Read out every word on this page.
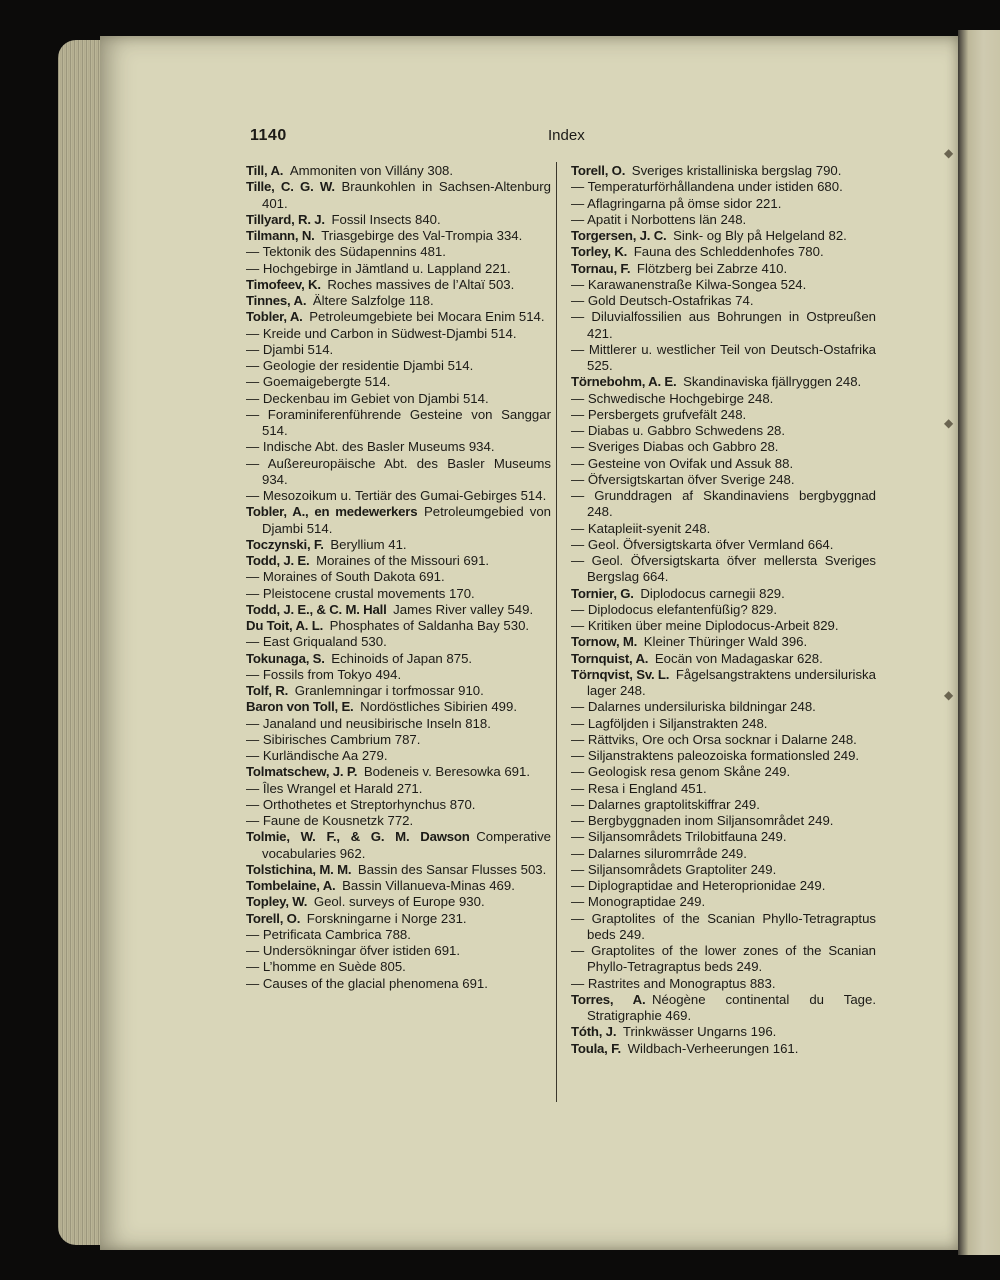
◆
◆
◆
1140	Index
Till, A.  Ammoniten von Villány 308.
Tille, C. G. W.  Braunkohlen in Sachsen-Altenburg 401.
Tillyard, R. J.  Fossil Insects 840.
Tilmann, N.  Triasgebirge des Val-Trompia 334.
— Tektonik des Südapennins 481.
— Hochgebirge in Jämtland u. Lappland 221.
Timofeev, K.  Roches massives de l’Altaï 503.
Tinnes, A.  Ältere Salzfolge 118.
Tobler, A.  Petroleumgebiete bei Mocara Enim 514.
— Kreide und Carbon in Südwest-Djambi 514.
— Djambi 514.
— Geologie der residentie Djambi 514.
— Goemaigebergte 514.
— Deckenbau im Gebiet von Djambi 514.
— Foraminiferenführende Gesteine von Sanggar 514.
— Indische Abt. des Basler Museums 934.
— Außereuropäische Abt. des Basler Museums 934.
— Mesozoikum u. Tertiär des Gumai-Gebirges 514.
Tobler, A., en medewerkers  Petroleumgebied von Djambi 514.
Toczynski, F.  Beryllium 41.
Todd, J. E.  Moraines of the Missouri 691.
— Moraines of South Dakota 691.
— Pleistocene crustal movements 170.
Todd, J. E., & C. M. Hall  James River valley 549.
Du Toit, A. L.  Phosphates of Saldanha Bay 530.
— East Griqualand 530.
Tokunaga, S.  Echinoids of Japan 875.
— Fossils from Tokyo 494.
Tolf, R.  Granlemningar i torfmossar 910.
Baron von Toll, E.  Nordöstliches Sibirien 499.
— Janaland und neusibirische Inseln 818.
— Sibirisches Cambrium 787.
— Kurländische Aa 279.
Tolmatschew, J. P.  Bodeneis v. Beresowka 691.
— Îles Wrangel et Harald 271.
— Orthothetes et Streptorhynchus 870.
— Faune de Kousnetzk 772.
Tolmie, W. F., & G. M. Dawson  Comperative vocabularies 962.
Tolstichina, M. M.  Bassin des Sansar Flusses 503.
Tombelaine, A.  Bassin Villanueva-Minas 469.
Topley, W.  Geol. surveys of Europe 930.
Torell, O.  Forskningarne i Norge 231.
— Petrificata Cambrica 788.
— Undersökningar öfver istiden 691.
— L’homme en Suède 805.
— Causes of the glacial phenomena 691.
Torell, O.  Sveriges kristalliniska bergslag 790.
— Temperaturförhållandena under istiden 680.
— Aflagringarna på ömse sidor 221.
— Apatit i Norbottens län 248.
Torgersen, J. C.  Sink- og Bly på Helgeland 82.
Torley, K.  Fauna des Schleddenhofes 780.
Tornau, F.  Flötzberg bei Zabrze 410.
— Karawanenstraße Kilwa-Songea 524.
— Gold Deutsch-Ostafrikas 74.
— Diluvialfossilien aus Bohrungen in Ostpreußen 421.
— Mittlerer u. westlicher Teil von Deutsch-Ostafrika 525.
Törnebohm, A. E.  Skandinaviska fjällryggen 248.
— Schwedische Hochgebirge 248.
— Persbergets grufvefält 248.
— Diabas u. Gabbro Schwedens 28.
— Sveriges Diabas och Gabbro 28.
— Gesteine von Ovifak und Assuk 88.
— Öfversigtskartan öfver Sverige 248.
— Grunddragen af Skandinaviens bergbyggnad 248.
— Katapleiit-syenit 248.
— Geol. Öfversigtskarta öfver Vermland 664.
— Geol. Öfversigtskarta öfver mellersta Sveriges Bergslag 664.
Tornier, G.  Diplodocus carnegii 829.
— Diplodocus elefantenfüßig? 829.
— Kritiken über meine Diplodocus-Arbeit 829.
Tornow, M.  Kleiner Thüringer Wald 396.
Tornquist, A.  Eocän von Madagaskar 628.
Törnqvist, Sv. L.  Fågelsangstraktens undersiluriska lager 248.
— Dalarnes undersiluriska bildningar 248.
— Lagföljden i Siljanstrakten 248.
— Rättviks, Ore och Orsa socknar i Dalarne 248.
— Siljanstraktens paleozoiska formationsled 249.
— Geologisk resa genom Skåne 249.
— Resa i England 451.
— Dalarnes graptolitskiffrar 249.
— Bergbyggnaden inom Siljansområdet 249.
— Siljansområdets Trilobitfauna 249.
— Dalarnes siluromrråde 249.
— Siljansområdets Graptoliter 249.
— Diplograptidae and Heteroprionidae 249.
— Monograptidae 249.
— Graptolites of the Scanian Phyllo-Tetragraptus beds 249.
— Graptolites of the lower zones of the Scanian Phyllo-Tetragraptus beds 249.
— Rastrites and Monograptus 883.
Torres, A.  Néogène continental du Tage. Stratigraphie 469.
Tóth, J.  Trinkwässer Ungarns 196.
Toula, F.  Wildbach-Verheerungen 161.
